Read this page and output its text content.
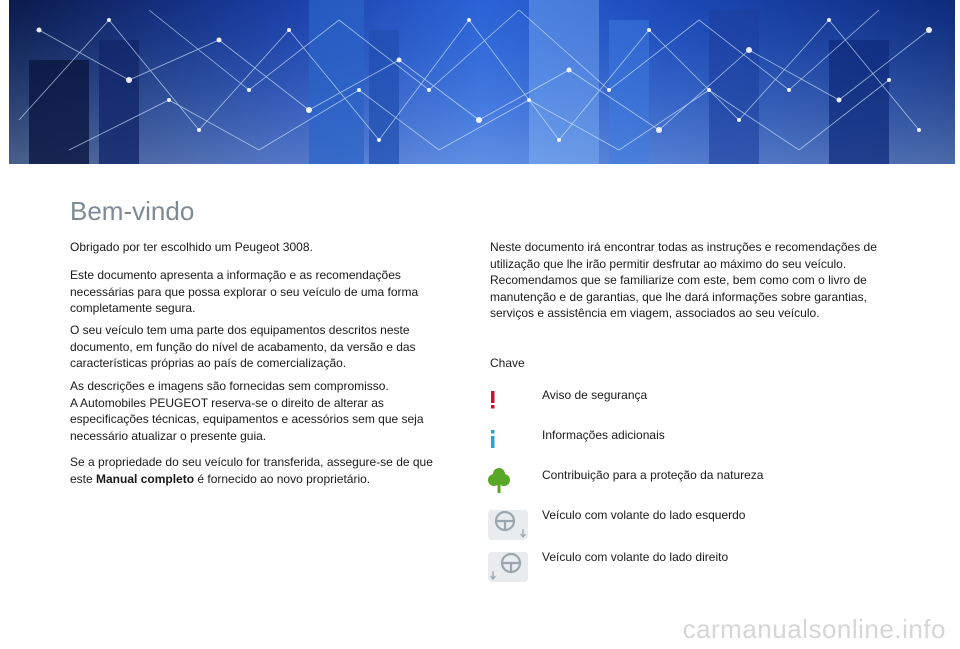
Bem-vindo

Obrigado por ter escolhido um Peugeot 3008.

Este documento apresenta a informação e as recomendações necessárias para que possa explorar o seu veículo de uma forma completamente segura.

O seu veículo tem uma parte dos equipamentos descritos neste documento, em função do nível de acabamento, da versão e das características próprias ao país de comercialização.

As descrições e imagens são fornecidas sem compromisso.

A Automobiles PEUGEOT reserva-se o direito de alterar as especificações técnicas, equipamentos e acessórios sem que seja necessário atualizar o presente guia.

Se a propriedade do seu veículo for transferida, assegure-se de que este Manual completo é fornecido ao novo proprietário.

Neste documento irá encontrar todas as instruções e recomendações de utilização que lhe irão permitir desfrutar ao máximo do seu veículo. Recomendamos que se familiarize com este, bem como com o livro de manutenção e de garantias, que lhe dará informações sobre garantias, serviços e assistência em viagem, associados ao seu veículo.

Chave

Aviso de segurança
Informações adicionais
Contribuição para a proteção da natureza
Veículo com volante do lado esquerdo
Veículo com volante do lado direito
carmanualsonline.info
